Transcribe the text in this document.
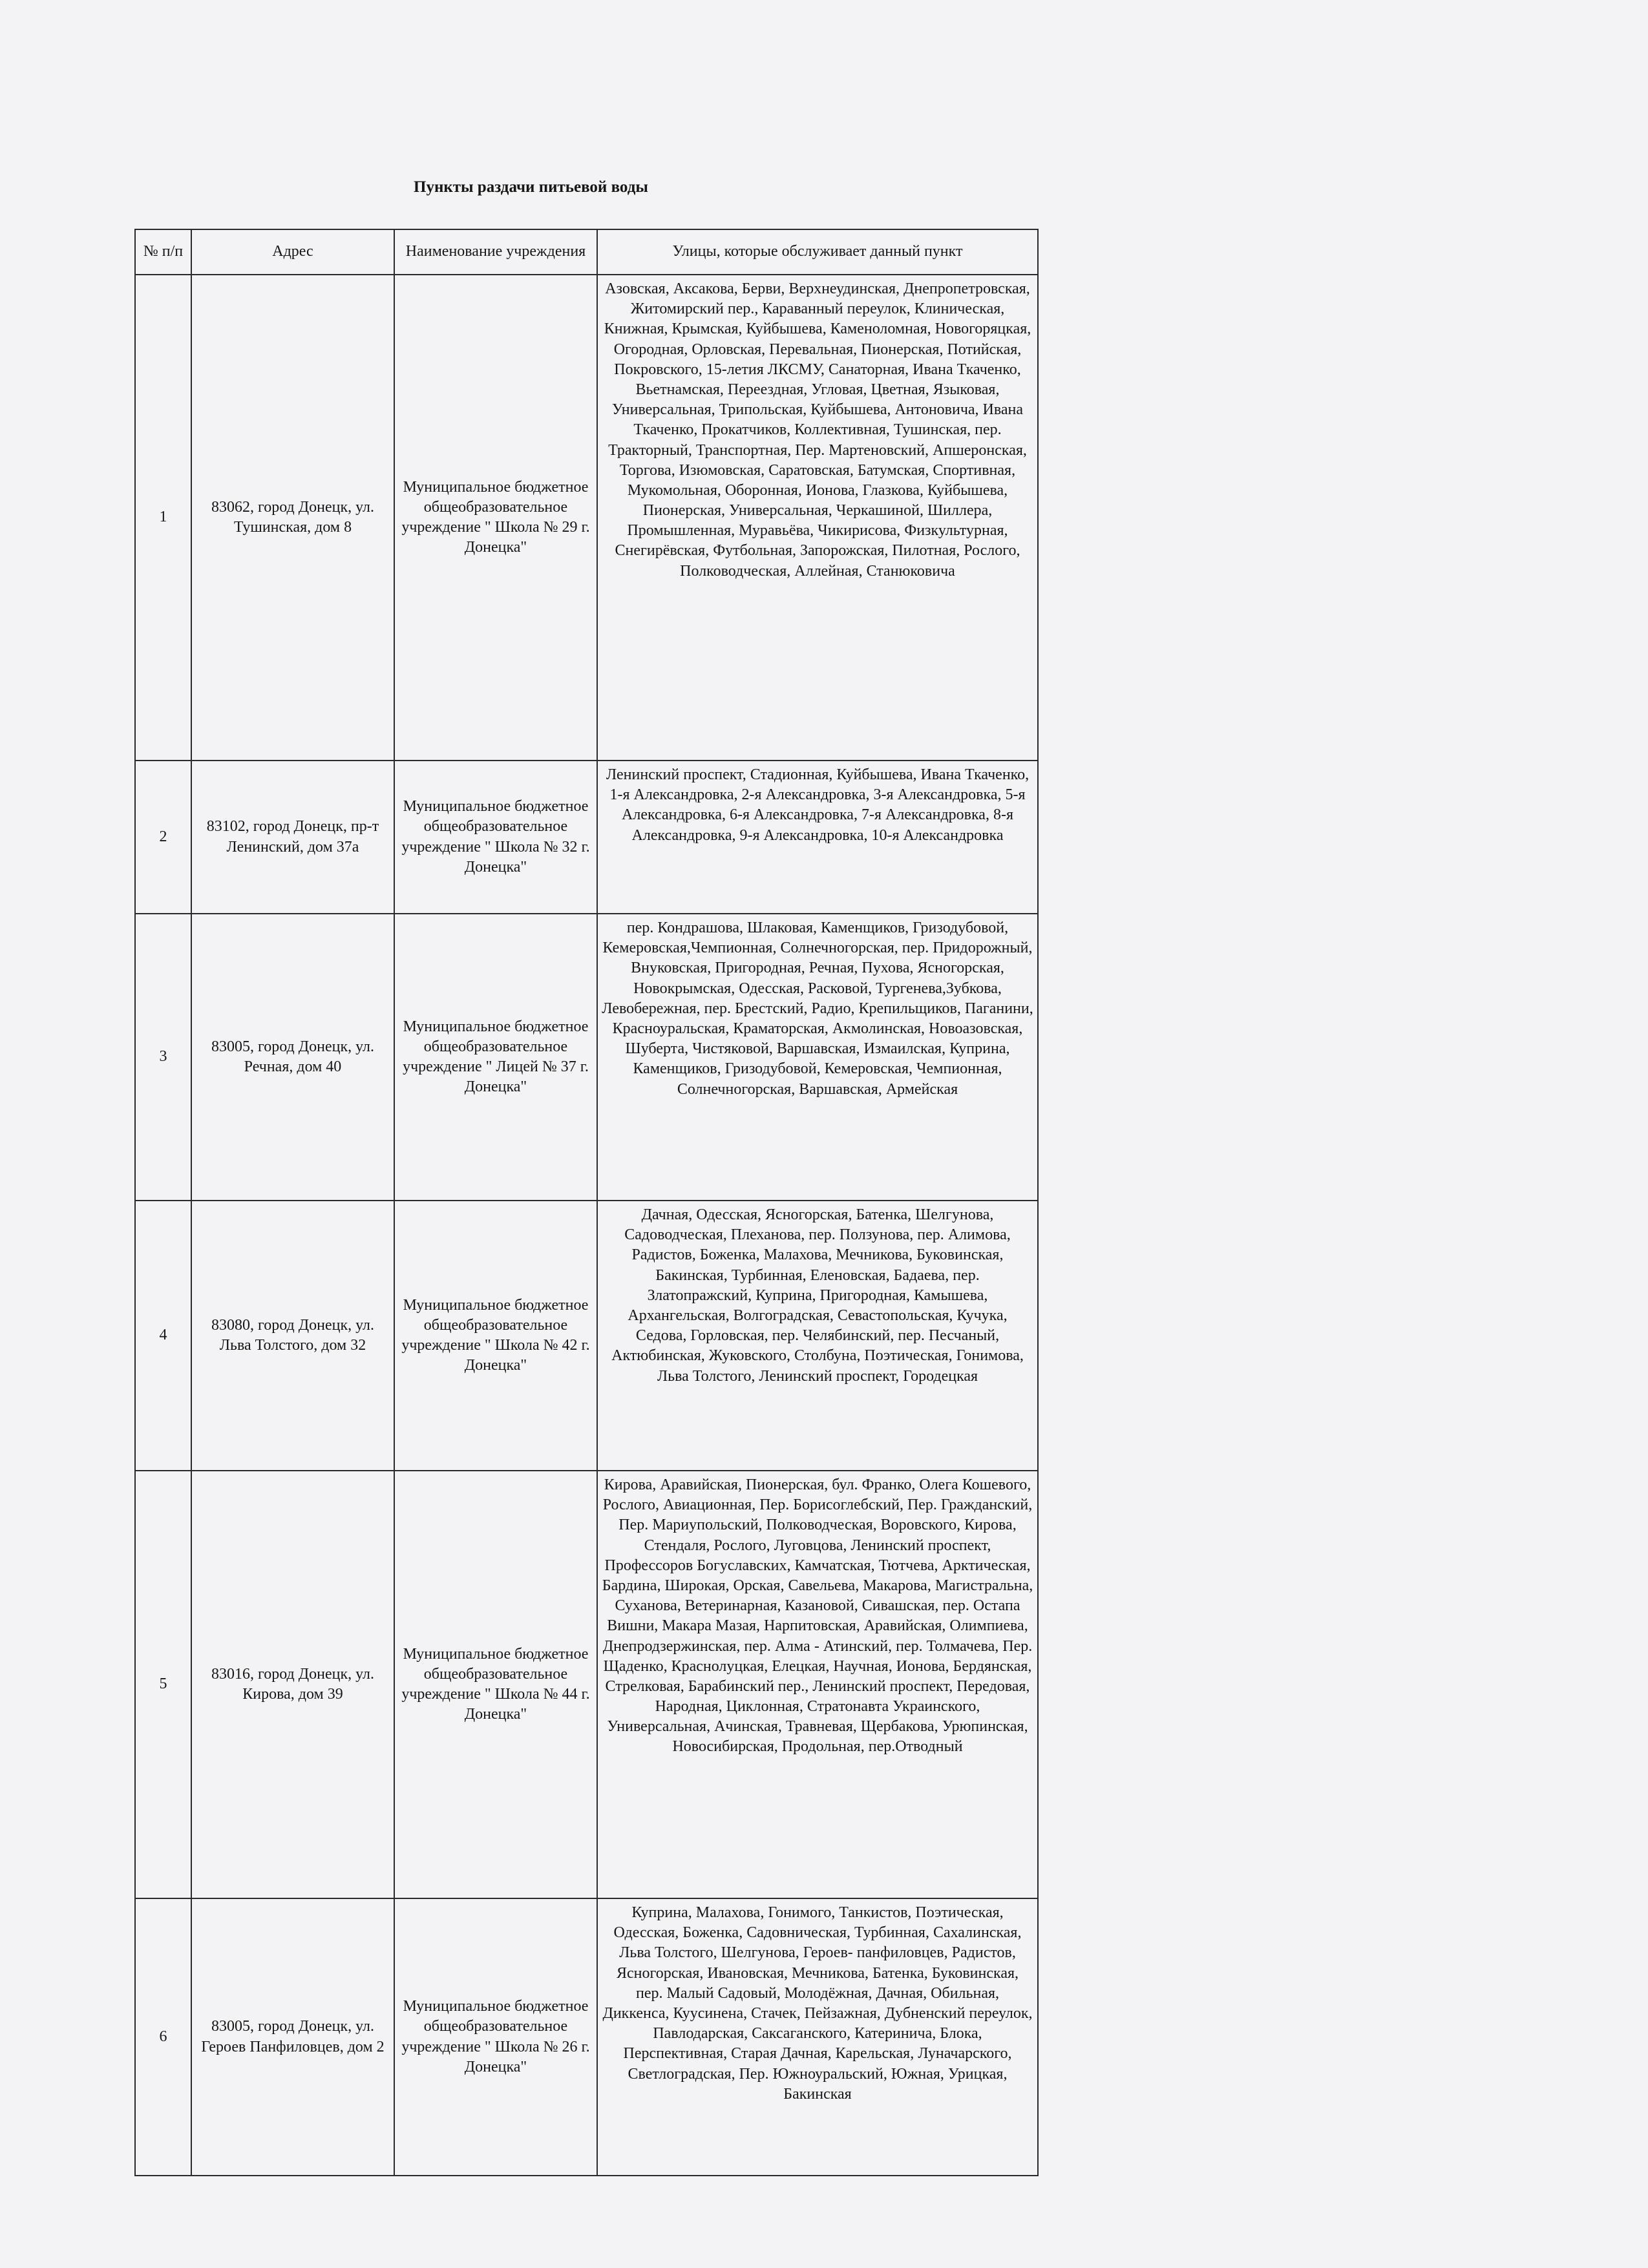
Пункты раздачи питьевой воды
№ п/п	Адрес	Наименование учреждения	Улицы, которые обслуживает данный пункт
1	83062, город Донецк, ул. Тушинская, дом 8	Муниципальное бюджетное общеобразовательное учреждение " Школа № 29 г. Донецка"	Азовская, Аксакова, Берви, Верхнеудинская, Днепропетровская, Житомирский пер., Караванный переулок, Клиническая, Книжная, Крымская, Куйбышева, Каменоломная, Новогоряцкая, Огородная, Орловская, Перевальная, Пионерская, Потийская, Покровского, 15-летия ЛКСМУ, Санаторная, Ивана Ткаченко, Вьетнамская, Переездная, Угловая, Цветная, Языковая, Универсальная, Трипольская, Куйбышева, Антоновича, Ивана Ткаченко, Прокатчиков, Коллективная, Тушинская, пер. Тракторный, Транспортная, Пер. Мартеновский, Апшеронская, Торгова, Изюмовская, Саратовская, Батумская, Спортивная, Мукомольная, Оборонная, Ионова, Глазкова, Куйбышева, Пионерская, Универсальная, Черкашиной, Шиллера, Промышленная, Муравьёва, Чикирисова, Физкультурная, Снегирёвская, Футбольная, Запорожская, Пилотная, Рослого, Полководческая, Аллейная, Станюковича
2	83102, город Донецк, пр-т Ленинский, дом 37а	Муниципальное бюджетное общеобразовательное учреждение " Школа № 32 г. Донецка"	Ленинский проспект, Стадионная, Куйбышева, Ивана Ткаченко, 1-я Александровка, 2-я Александровка, 3-я Александровка, 5-я Александровка, 6-я Александровка, 7-я Александровка, 8-я Александровка, 9-я Александровка, 10-я Александровка
3	83005, город Донецк, ул. Речная, дом 40	Муниципальное бюджетное общеобразовательное учреждение " Лицей № 37 г. Донецка"	пер. Кондрашова, Шлаковая, Каменщиков, Гризодубовой, Кемеровская,Чемпионная, Солнечногорская, пер. Придорожный, Внуковская, Пригородная, Речная, Пухова, Ясногорская, Новокрымская, Одесская, Расковой, Тургенева,Зубкова, Левобережная, пер. Брестский, Радио, Крепильщиков, Паганини, Красноуральская, Краматорская, Акмолинская, Новоазовская, Шуберта, Чистяковой, Варшавская, Измаилская, Куприна, Каменщиков, Гризодубовой, Кемеровская, Чемпионная, Солнечногорская, Варшавская, Армейская
4	83080, город Донецк, ул. Льва Толстого, дом 32	Муниципальное бюджетное общеобразовательное учреждение " Школа № 42 г. Донецка"	Дачная, Одесская, Ясногорская, Батенка, Шелгунова, Садоводческая, Плеханова, пер. Ползунова, пер. Алимова, Радистов, Боженка, Малахова, Мечникова, Буковинская, Бакинская, Турбинная, Еленовская, Бадаева, пер. Златопражский, Куприна, Пригородная, Камышева, Архангельская, Волгоградская, Севастопольская, Кучука, Седова, Горловская, пер. Челябинский, пер. Песчаный, Актюбинская, Жуковского, Столбуна, Поэтическая, Гонимова, Льва Толстого, Ленинский проспект, Городецкая
5	83016, город Донецк, ул. Кирова, дом 39	Муниципальное бюджетное общеобразовательное учреждение " Школа № 44 г. Донецка"	Кирова, Аравийская, Пионерская, бул. Франко, Олега Кошевого, Рослого, Авиационная, Пер. Борисоглебский, Пер. Гражданский, Пер. Мариупольский, Полководческая, Воровского, Кирова, Стендаля, Рослого, Луговцова, Ленинский проспект, Профессоров Богуславских, Камчатская, Тютчева, Арктическая, Бардина, Широкая, Орская, Савельева, Макарова, Магистральна, Суханова, Ветеринарная, Казановой, Сивашская, пер. Остапа Вишни, Макара Мазая, Нарпитовская, Аравийская, Олимпиева, Днепродзержинская, пер. Алма - Атинский, пер. Толмачева, Пер. Щаденко, Краснолуцкая, Елецкая, Научная, Ионова, Бердянская, Стрелковая, Барабинский пер., Ленинский проспект, Передовая, Народная, Циклонная, Стратонавта Украинского, Универсальная, Ачинская, Травневая, Щербакова, Урюпинская, Новосибирская, Продольная, пер.Отводный
6	83005, город Донецк, ул. Героев Панфиловцев, дом 2	Муниципальное бюджетное общеобразовательное учреждение " Школа № 26 г. Донецка"	Куприна, Малахова, Гонимого, Танкистов, Поэтическая, Одесская, Боженка, Садовническая, Турбинная, Сахалинская, Льва Толстого, Шелгунова, Героев- панфиловцев, Радистов, Ясногорская, Ивановская, Мечникова, Батенка, Буковинская, пер. Малый Садовый, Молодёжная, Дачная, Обильная, Диккенса, Куусинена, Стачек, Пейзажная, Дубненский переулок, Павлодарская, Саксаганского, Катеринича, Блока, Перспективная, Старая Дачная, Карельская, Луначарского, Светлоградская, Пер. Южноуральский, Южная, Урицкая, Бакинская
